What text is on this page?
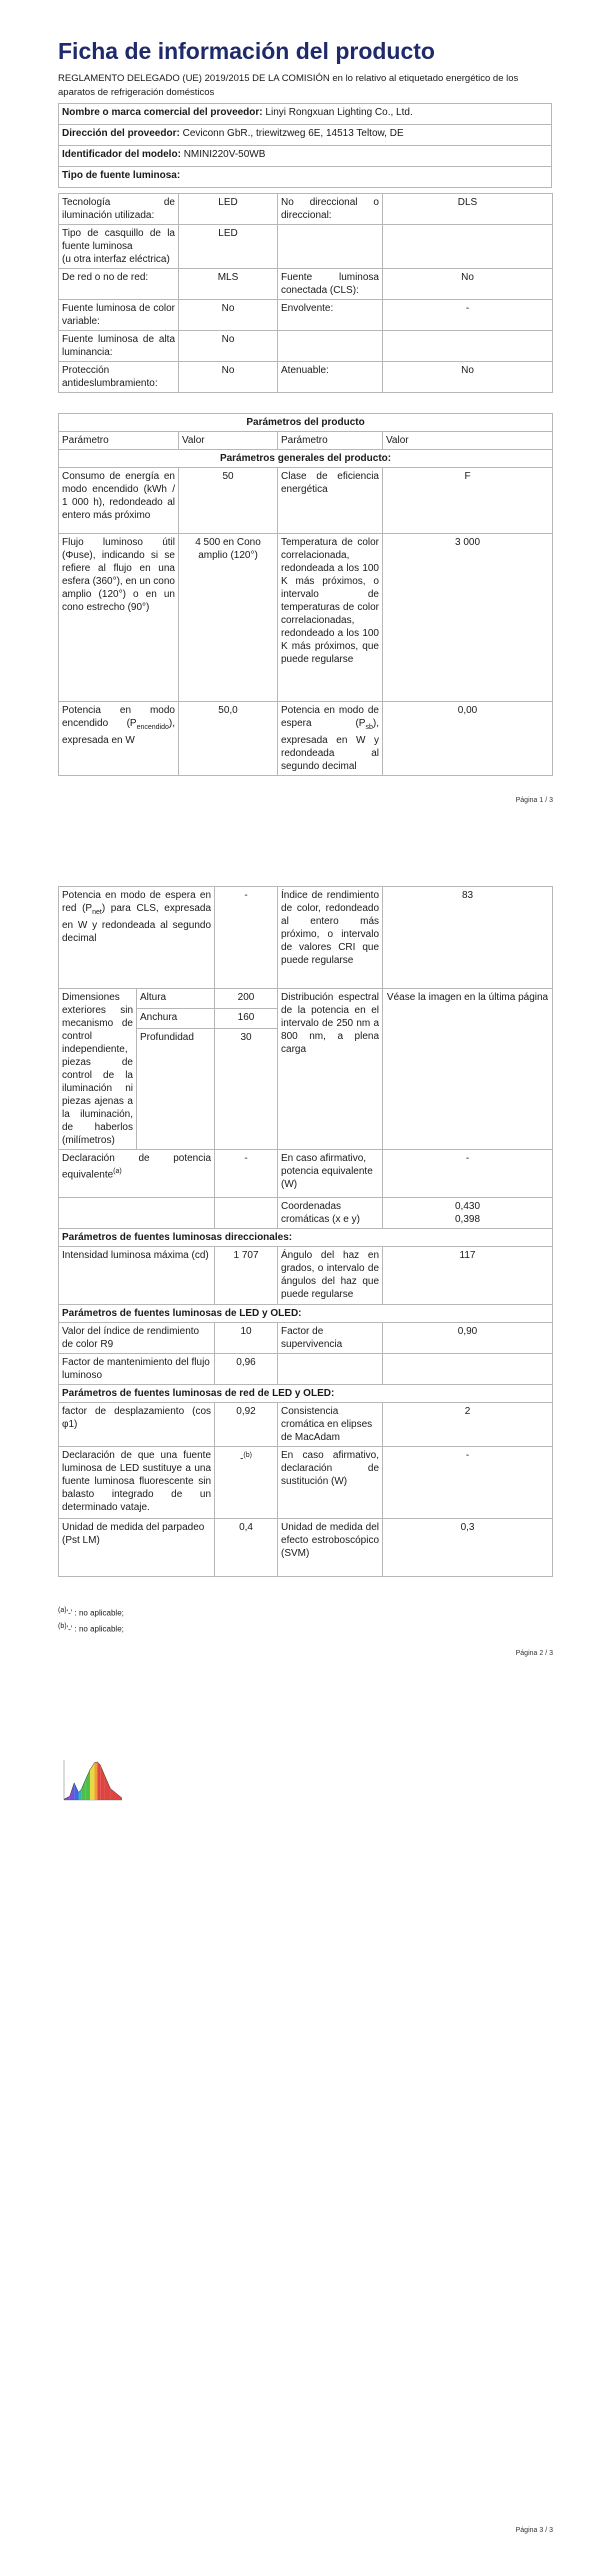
Ficha de información del producto
REGLAMENTO DELEGADO (UE) 2019/2015 DE LA COMISIÓN en lo relativo al etiquetado energético de los aparatos de refrigeración domésticos
Nombre o marca comercial del proveedor: Linyi Rongxuan Lighting Co., Ltd.
Dirección del proveedor: Ceviconn GbR., triewitzweg 6E, 14513 Teltow, DE
Identificador del modelo: NMINI220V-50WB
Tipo de fuente luminosa:
Tecnología de iluminación utilizada:	LED	No direccional o direccional:	DLS
Tipo de casquillo de la fuente luminosa
(u otra interfaz eléctrica)	LED		
De red o no de red:	MLS	Fuente luminosa conectada (CLS):	No
Fuente luminosa de color variable:	No	Envolvente:	-
Fuente luminosa de alta luminancia:	No		
Protección antideslumbramiento:	No	Atenuable:	No
Parámetros del producto			
Parámetro	Valor	Parámetro	Valor
Parámetros generales del producto:			
Consumo de energía en modo encendido (kWh / 1 000 h), redondeado al entero más próximo	50	Clase de eficiencia energética	F
Flujo luminoso útil (Φuse), indicando si se refiere al flujo en una esfera (360°), en un cono amplio (120°) o en un cono estrecho (90°)	4 500 en Cono amplio (120°)	Temperatura de color correlacionada, redondeada a los 100 K más próximos, o intervalo de temperaturas de color correlacionadas, redondeado a los 100 K más próximos, que puede regularse	3 000
Potencia en modo encendido $(P_{encendido})$, expresada en W	50,0	Potencia en modo de espera $(P_{sb})$, expresada en W y redondeada al segundo decimal	0,00
Página 1 / 3
Potencia en modo de espera en red $(P_{net})$ para CLS, expresada en W y redondeada al segundo decimal		-	Índice de rendimiento de color, redondeado al entero más próximo, o intervalo de valores CRI que puede regularse	83
Dimensiones exteriores sin mecanismo de control independiente, piezas de control de la iluminación ni piezas ajenas a la iluminación, de haberlos (milímetros)	Altura	200	Distribución espectral de la potencia en el intervalo de 250 nm a 800 nm, a plena carga	Véase la imagen en la última página
	Anchura	160		
	Profundidad	30		
Declaración de potencia equivalente$^{(a)}$		-	En caso afirmativo, potencia equivalente (W)	-
			Coordenadas cromáticas (x e y)	0,430
0,398
Parámetros de fuentes luminosas direccionales:				
Intensidad luminosa máxima (cd)		1 707	Ángulo del haz en grados, o intervalo de ángulos del haz que puede regularse	117
Parámetros de fuentes luminosas de LED y OLED:				
Valor del índice de rendimiento de color R9		10	Factor de supervivencia	0,90
Factor de mantenimiento del flujo luminoso		0,96		
Parámetros de fuentes luminosas de red de LED y OLED:				
factor de desplazamiento (cos φ1)		0,92	Consistencia cromática en elipses de MacAdam	2
Declaración de que una fuente luminosa de LED sustituye a una fuente luminosa fluorescente sin balasto integrado de un determinado vataje.		-$^{(b)}$	En caso afirmativo, declaración de sustitución (W)	-
Unidad de medida del parpadeo (Pst LM)		0,4	Unidad de medida del efecto estroboscópico (SVM)	0,3
$^{(a)}$'-' : no aplicable;
$^{(b)}$'-' : no aplicable;
Página 2 / 3
Página 3 / 3
